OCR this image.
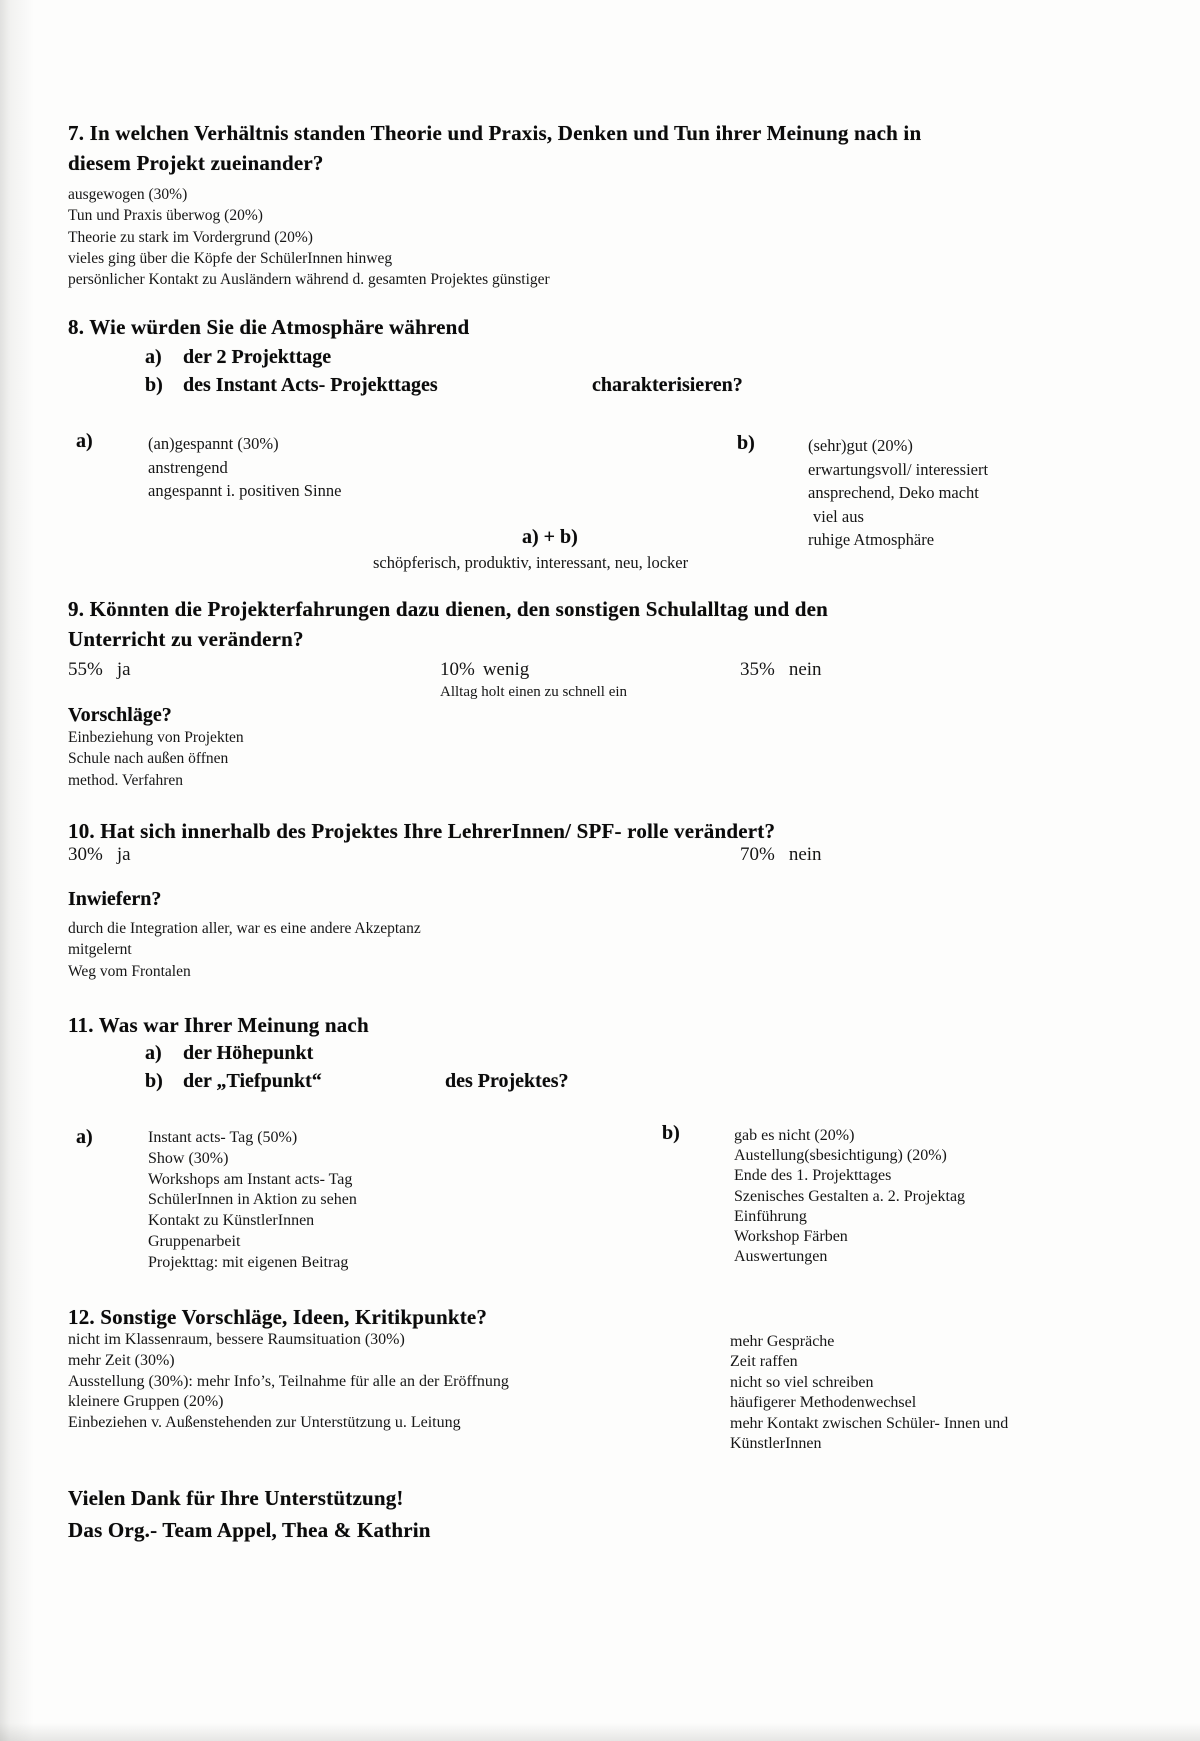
7. In welchen Verhältnis standen Theorie und Praxis, Denken und Tun ihrer Meinung nach in diesem Projekt zueinander?
ausgewogen (30%)
Tun und Praxis überwog (20%)
Theorie zu stark im Vordergrund (20%)
vieles ging über die Köpfe der SchülerInnen hinweg
persönlicher Kontakt zu Ausländern während d. gesamten Projektes günstiger
8. Wie würden Sie die Atmosphäre während
a) der 2 Projekttage
b) des Instant Acts- Projekttages	charakterisieren?
a)	(an)gespannt (30%)
anstrengend
angespannt i. positiven Sinne
b)	(sehr)gut (20%)
erwartungsvoll/ interessiert
ansprechend, Deko macht
viel aus
ruhige Atmosphäre
a) + b)
schöpferisch, produktiv, interessant, neu, locker
9. Könnten die Projekterfahrungen dazu dienen, den sonstigen Schulalltag und den Unterricht zu verändern?
55% ja	10% wenig	35% nein
Alltag holt einen zu schnell ein
Vorschläge?
Einbeziehung von Projekten
Schule nach außen öffnen
method. Verfahren
10. Hat sich innerhalb des Projektes Ihre LehrerInnen/ SPF- rolle verändert?
30% ja	70% nein
Inwiefern?
durch die Integration aller, war es eine andere Akzeptanz
mitgelernt
Weg vom Frontalen
11. Was war Ihrer Meinung nach
a) der Höhepunkt
b) der „Tiefpunkt“	des Projektes?
a)	Instant acts- Tag (50%)
Show (30%)
Workshops am Instant acts- Tag
SchülerInnen in Aktion zu sehen
Kontakt zu KünstlerInnen
Gruppenarbeit
Projekttag: mit eigenen Beitrag
b)	gab es nicht (20%)
Austellung(sbesichtigung) (20%)
Ende des 1. Projekttages
Szenisches Gestalten a. 2. Projektag
Einführung
Workshop Färben
Auswertungen
12. Sonstige Vorschläge, Ideen, Kritikpunkte?
nicht im Klassenraum, bessere Raumsituation (30%)
mehr Zeit (30%)
Ausstellung (30%): mehr Info’s, Teilnahme für alle an der Eröffnung
kleinere Gruppen (20%)
Einbeziehen v. Außenstehenden zur Unterstützung u. Leitung
mehr Gespräche
Zeit raffen
nicht so viel schreiben
häufigerer Methodenwechsel
mehr Kontakt zwischen Schüler- Innen und KünstlerInnen
Vielen Dank für Ihre Unterstützung!
Das Org.- Team Appel, Thea & Kathrin
